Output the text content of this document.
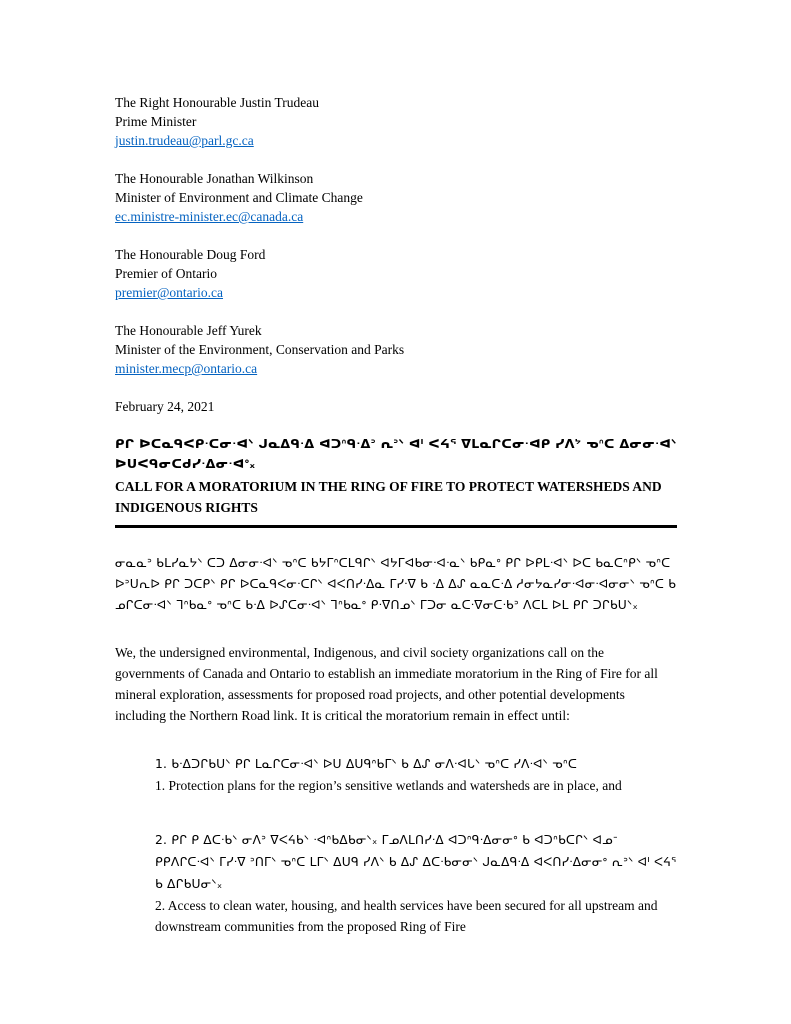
The Right Honourable Justin Trudeau
Prime Minister
justin.trudeau@parl.gc.ca
The Honourable Jonathan Wilkinson
Minister of Environment and Climate Change
ec.ministre-minister.ec@canada.ca
The Honourable Doug Ford
Premier of Ontario
premier@ontario.ca
The Honourable Jeff Yurek
Minister of the Environment, Conservation and Parks
minister.mecp@ontario.ca
February 24, 2021
ᑭᒋ ᐅᑕᓇᑫᐸᑭᐧᑕᓂᐧᐊᐠ ᒍᓇᐃᑫᐧᐃ ᐊᑐᐢᑫᐧᐃᐣ ᕆᐣᐠ ᐊᑊ ᐸᔦᕐ ᐁᒪᓇᒋᑕᓂᐧᐊᑭ ᓯᐱᔾ ᓀᐢᑕ ᐃᓂᓂᐧᐊᐠ ᐅᑌᐸᑫᓂᑕᑯᓯᐧᐃᓂᐧᐊᐤ᙮
CALL FOR A MORATORIUM IN THE RING OF FIRE TO PROTECT WATERSHEDS AND INDIGENOUS RIGHTS
ᓂᓇᓇᐣ ᑲᒪᓯᓇᔭᐠ ᑕᑐ ᐃᓂᓂᐧᐊᐠ ᓀᐢᑕ ᑲᔭᒥᐢᑕᒪᑫᒋᐠ ᐊᔭᒥᐊᑲᓂᐧᐊᐧᓇᐠ ᑲᑭᓇᐤ ᑭᒋ ᐅᑭᒪᐧᐊᐠ ᐅᑕ ᑲᓇᑕᐢᑭᐠ ᓀᐢᑕ ᐅᐣᑌᕆᐅ ᑭᒋ ᑐᑕᑭᐠ ᑭᒋ ᐅᑕᓇᑫᐸᓂᐧᑕᒋᐠ ᐊᐸᑎᓯᐧᐃᓇ ᒥᓯᐧᐁ ᑲ ᐧᐃ ᐃᔑ ᓇᓇᑕᐧᐃ ᓱᓂᔭᓇᓯᓂᐧᐊᓂᐧᐊᓂᓂᐠ ᓀᐢᑕ ᑲ ᓄᒋᑕᓂᐧᐊᐠ ᒣᐢᑲᓇᐤ ᓀᐢᑕ ᑲᐧᐃ ᐅᔑᑕᓂᐧᐊᐠ ᒣᐢᑲᓇᐤ ᑭᐧᐁᑎᓄᐠ ᒥᑐᓂ ᓇᑕᐧᐁᓂᑕᐧᑲᐣ ᐱᑕᒪ ᐅᒪ ᑭᒋ ᑐᒋᑲᑌᐠ᙮
We, the undersigned environmental, Indigenous, and civil society organizations call on the governments of Canada and Ontario to establish an immediate moratorium in the Ring of Fire for all mineral exploration, assessments for proposed road projects, and other potential developments including the Northern Road link. It is critical the moratorium remain in effect until:
1. ᑲᐧᐃᑐᒋᑲᑌᐠ ᑭᒋ ᒪᓇᒋᑕᓂᐧᐊᐠ ᐅᑌ ᐃᑌᑫᐢᑲᒥᐠ ᑲ ᐃᔑ ᓂᐱᐧᐊᒐᐠ ᓀᐢᑕ ᓯᐱᐧᐊᐠ ᓀᐢᑕ
1. Protection plans for the region’s sensitive wetlands and watersheds are in place, and
2. ᑭᒋ ᑭ ᐃᑕᐧᑲᐠ ᓂᐱᐣ ᐁᐸᔦᑲᐠ ᐧᐊᐢᑲᐃᑲᓂᐠ᙮ ᒥᓄᐱᒪᑎᓯᐧᐃ ᐊᑐᐢᑫᐧᐃᓂᓂᐤ ᑲ ᐊᑐᐢᑲᑕᒋᐠ ᐊᓄᐨ ᑭᑭᐱᒋᑕᐧᐊᐠ ᒥᓯᐧᐁ ᐣᑎᒥᐠ ᓀᐢᑕ ᒪᒥᐠ ᐃᑌᑫ ᓯᐱᐠ ᑲ ᐃᔑ ᐃᑕᐧᑲᓂᓂᐠ ᒍᓇᐃᑫᐧᐃ ᐊᐸᑎᓯᐧᐃᓂᓂᐤ ᕆᐣᐠ ᐊᑊ ᐸᔦᕐ ᑲ ᐃᒋᑲᑌᓂᐠ᙮
2. Access to clean water, housing, and health services have been secured for all upstream and downstream communities from the proposed Ring of Fire
